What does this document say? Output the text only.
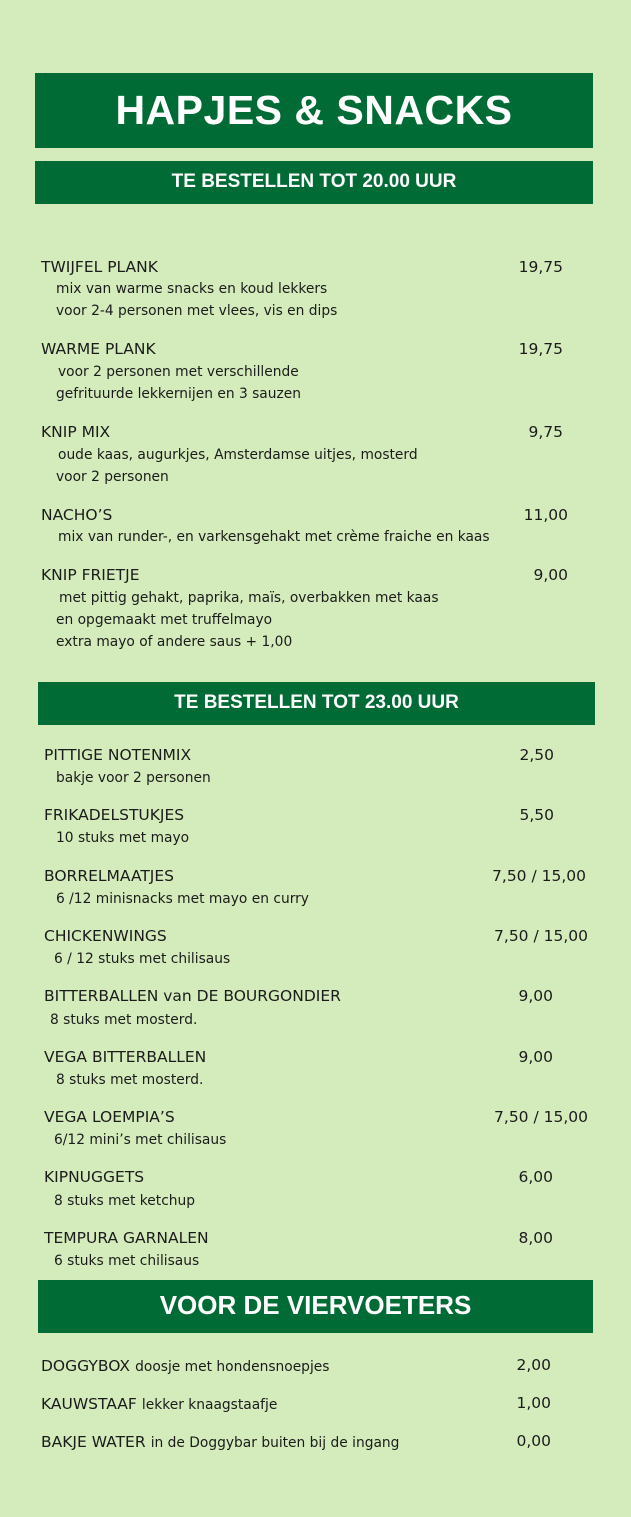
HAPJES & SNACKS
TE BESTELLEN TOT 20.00 UUR
TWIJFEL PLANK	19,75
mix van warme snacks en koud lekkers
voor 2-4 personen met vlees, vis en dips
WARME PLANK	19,75
voor 2 personen met verschillende
gefrituurde lekkernijen en 3 sauzen
KNIP MIX	9,75
oude kaas, augurkjes, Amsterdamse uitjes, mosterd
voor 2 personen
NACHO’S	11,00
mix van runder-, en varkensgehakt met crème fraiche en kaas
KNIP FRIETJE	9,00
met pittig gehakt, paprika, maïs, overbakken met kaas
en opgemaakt met truffelmayo
extra mayo of andere saus + 1,00
TE BESTELLEN TOT 23.00 UUR
PITTIGE NOTENMIX	2,50
bakje voor 2 personen
FRIKADELSTUKJES	5,50
10 stuks met mayo
BORRELMAATJES	7,50 / 15,00
6 /12 minisnacks met mayo en curry
CHICKENWINGS	7,50 / 15,00
6 / 12 stuks met chilisaus
BITTERBALLEN van DE BOURGONDIER	9,00
8 stuks met mosterd.
VEGA BITTERBALLEN	9,00
8 stuks met mosterd.
VEGA LOEMPIA’S	7,50 / 15,00
6/12 mini’s met chilisaus
KIPNUGGETS	6,00
8 stuks met ketchup
TEMPURA GARNALEN	8,00
6 stuks met chilisaus
VOOR DE VIERVOETERS
DOGGYBOX doosje met hondensnoepjes	2,00
KAUWSTAAF lekker knaagstaafje	1,00
BAKJE WATER in de Doggybar buiten bij de ingang	0,00
